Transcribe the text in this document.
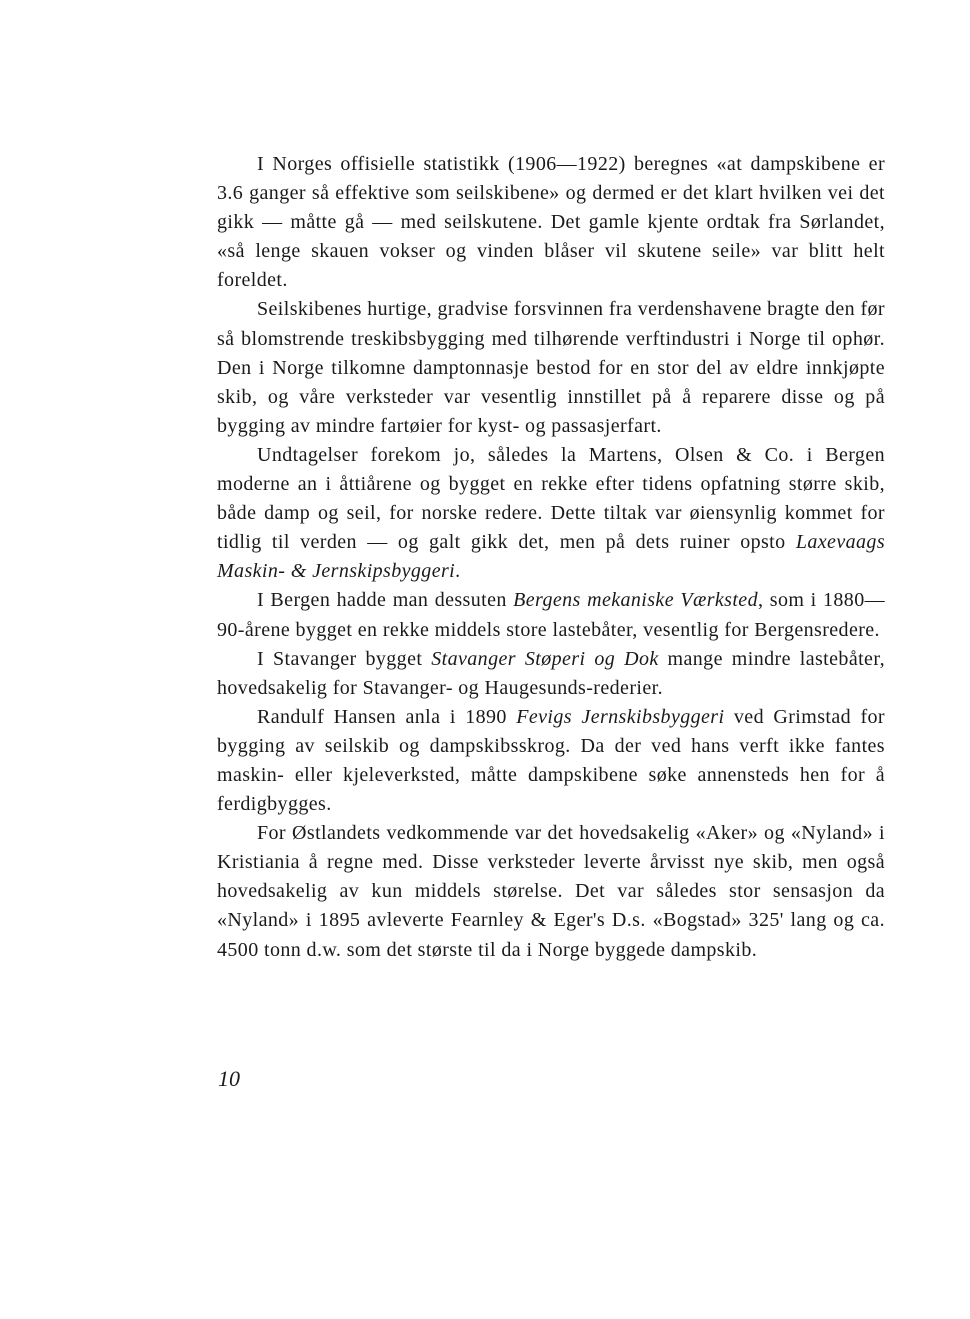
I Norges offisielle statistikk (1906—1922) beregnes «at dampskibene er 3.6 ganger så effektive som seilskibene» og dermed er det klart hvilken vei det gikk — måtte gå — med seilskutene. Det gamle kjente ordtak fra Sørlandet, «så lenge skauen vokser og vinden blåser vil skutene seile» var blitt helt foreldet.

Seilskibenes hurtige, gradvise forsvinnen fra verdenshavene bragte den før så blomstrende treskibsbygging med tilhørende verftindustri i Norge til ophør. Den i Norge tilkomne damptonnasje bestod for en stor del av eldre innkjøpte skib, og våre verksteder var vesentlig innstillet på å reparere disse og på bygging av mindre fartøier for kyst- og passasjerfart.

Undtagelser forekom jo, således la Martens, Olsen & Co. i Bergen moderne an i åttiårene og bygget en rekke efter tidens opfatning større skib, både damp og seil, for norske redere. Dette tiltak var øiensynlig kommet for tidlig til verden — og galt gikk det, men på dets ruiner opsto Laxevaags Maskin- & Jernskipsbyggeri.

I Bergen hadde man dessuten Bergens mekaniske Værksted, som i 1880—90-årene bygget en rekke middels store lastebåter, vesentlig for Bergensredere.

I Stavanger bygget Stavanger Støperi og Dok mange mindre lastebåter, hovedsakelig for Stavanger- og Haugesunds-rederier.

Randulf Hansen anla i 1890 Fevigs Jernskibsbyggeri ved Grimstad for bygging av seilskib og dampskibsskrog. Da der ved hans verft ikke fantes maskin- eller kjeleverksted, måtte dampskibene søke annensteds hen for å ferdigbygges.

For Østlandets vedkommende var det hovedsakelig «Aker» og «Nyland» i Kristiania å regne med. Disse verksteder leverte årvisst nye skib, men også hovedsakelig av kun middels størelse. Det var således stor sensasjon da «Nyland» i 1895 avleverte Fearnley & Eger's D.s. «Bogstad» 325' lang og ca. 4500 tonn d.w. som det største til da i Norge byggede dampskib.

10
